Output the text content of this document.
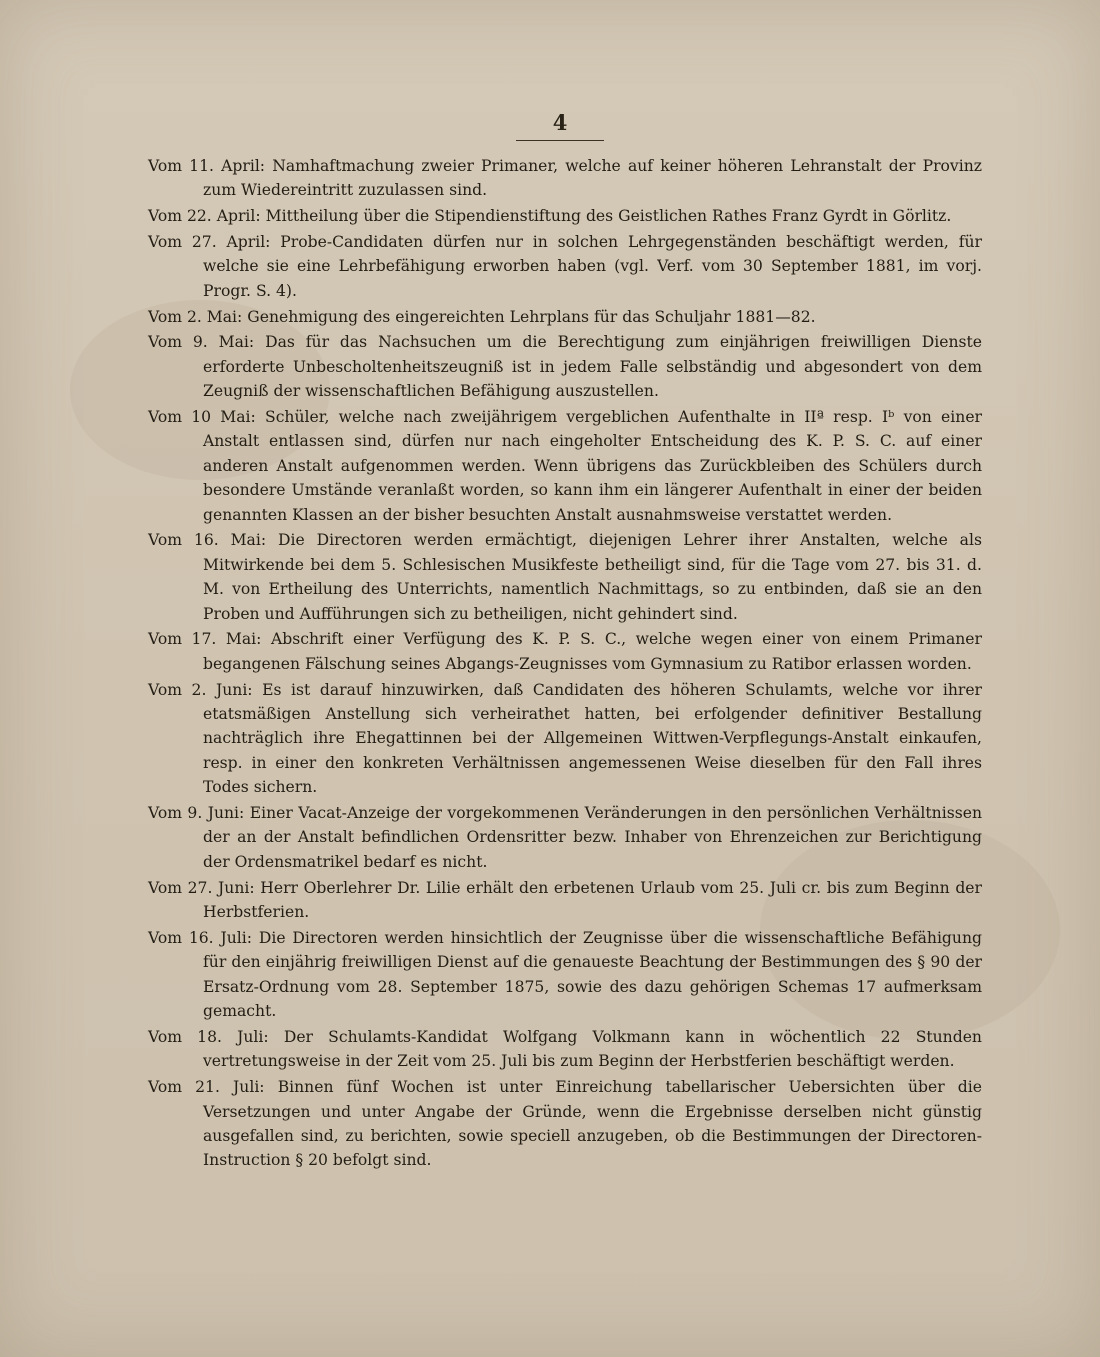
4

Vom 11. April: Namhaftmachung zweier Primaner, welche auf keiner höheren Lehranstalt der Provinz zum Wiedereintritt zuzulassen sind.

Vom 22. April: Mittheilung über die Stipendienstiftung des Geistlichen Rathes Franz Gyrdt in Görlitz.

Vom 27. April: Probe-Candidaten dürfen nur in solchen Lehrgegenständen beschäftigt werden, für welche sie eine Lehrbefähigung erworben haben (vgl. Verf. vom 30 September 1881, im vorj. Progr. S. 4).

Vom 2. Mai: Genehmigung des eingereichten Lehrplans für das Schuljahr 1881—82.

Vom 9. Mai: Das für das Nachsuchen um die Berechtigung zum einjährigen freiwilligen Dienste erforderte Unbescholtenheitszeugniß ist in jedem Falle selbständig und abgesondert von dem Zeugniß der wissenschaftlichen Befähigung auszustellen.

Vom 10 Mai: Schüler, welche nach zweijährigem vergeblichen Aufenthalte in IIª resp. Iᵇ von einer Anstalt entlassen sind, dürfen nur nach eingeholter Entscheidung des K. P. S. C. auf einer anderen Anstalt aufgenommen werden. Wenn übrigens das Zurückbleiben des Schülers durch besondere Umstände veranlaßt worden, so kann ihm ein längerer Aufenthalt in einer der beiden genannten Klassen an der bisher besuchten Anstalt ausnahmsweise verstattet werden.

Vom 16. Mai: Die Directoren werden ermächtigt, diejenigen Lehrer ihrer Anstalten, welche als Mitwirkende bei dem 5. Schlesischen Musikfeste betheiligt sind, für die Tage vom 27. bis 31. d. M. von Ertheilung des Unterrichts, namentlich Nachmittags, so zu entbinden, daß sie an den Proben und Aufführungen sich zu betheiligen, nicht gehindert sind.

Vom 17. Mai: Abschrift einer Verfügung des K. P. S. C., welche wegen einer von einem Primaner begangenen Fälschung seines Abgangs-Zeugnisses vom Gymnasium zu Ratibor erlassen worden.

Vom 2. Juni: Es ist darauf hinzuwirken, daß Candidaten des höheren Schulamts, welche vor ihrer etatsmäßigen Anstellung sich verheirathet hatten, bei erfolgender definitiver Bestallung nachträglich ihre Ehegattinnen bei der Allgemeinen Wittwen-Verpflegungs-Anstalt einkaufen, resp. in einer den konkreten Verhältnissen angemessenen Weise dieselben für den Fall ihres Todes sichern.

Vom 9. Juni: Einer Vacat-Anzeige der vorgekommenen Veränderungen in den persönlichen Verhältnissen der an der Anstalt befindlichen Ordensritter bezw. Inhaber von Ehrenzeichen zur Berichtigung der Ordensmatrikel bedarf es nicht.

Vom 27. Juni: Herr Oberlehrer Dr. Lilie erhält den erbetenen Urlaub vom 25. Juli cr. bis zum Beginn der Herbstferien.

Vom 16. Juli: Die Directoren werden hinsichtlich der Zeugnisse über die wissenschaftliche Befähigung für den einjährig freiwilligen Dienst auf die genaueste Beachtung der Bestimmungen des § 90 der Ersatz-Ordnung vom 28. September 1875, sowie des dazu gehörigen Schemas 17 aufmerksam gemacht.

Vom 18. Juli: Der Schulamts-Kandidat Wolfgang Volkmann kann in wöchentlich 22 Stunden vertretungsweise in der Zeit vom 25. Juli bis zum Beginn der Herbstferien beschäftigt werden.

Vom 21. Juli: Binnen fünf Wochen ist unter Einreichung tabellarischer Uebersichten über die Versetzungen und unter Angabe der Gründe, wenn die Ergebnisse derselben nicht günstig ausgefallen sind, zu berichten, sowie speciell anzugeben, ob die Bestimmungen der Directoren-Instruction § 20 befolgt sind.
